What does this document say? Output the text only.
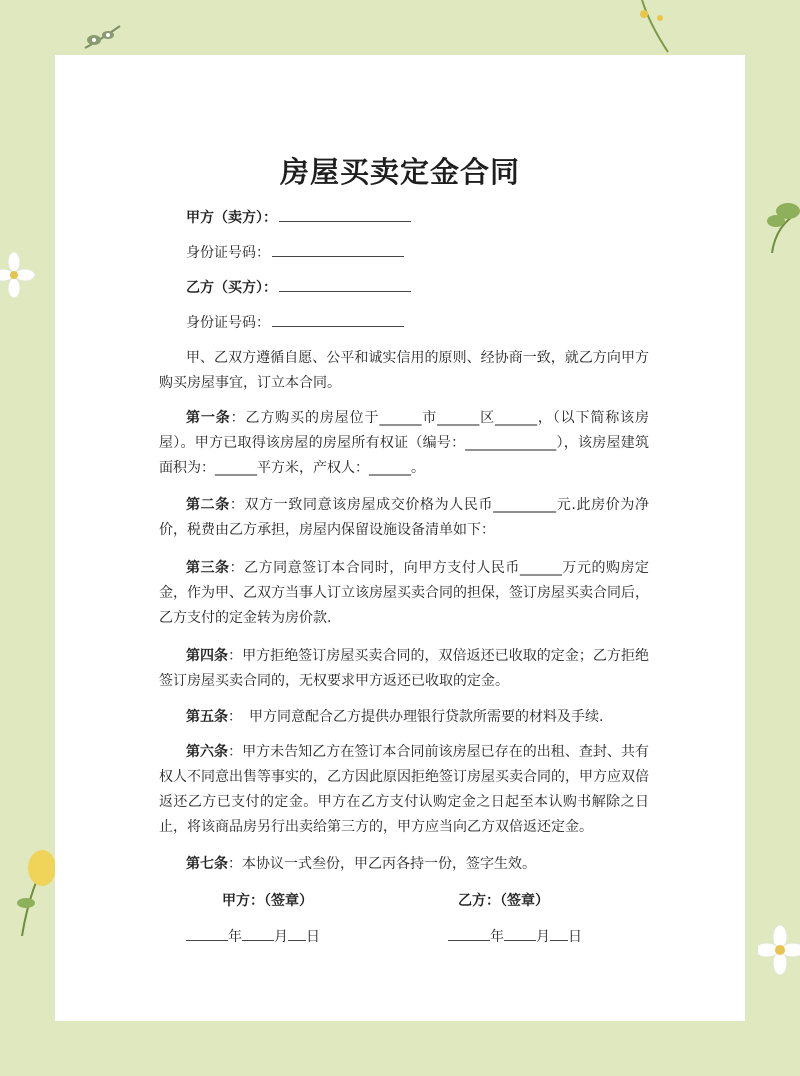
房屋买卖定金合同
甲方（卖方）：
身份证号码：
乙方（买方）：
身份证号码：

甲、乙双方遵循自愿、公平和诚实信用的原则、经协商一致，就乙方向甲方购买房屋事宜，订立本合同。

第一条：乙方购买的房屋位于______市______区______，（以下简称该房屋）。甲方已取得该房屋的房屋所有权证（编号：_____________），该房屋建筑面积为：______平方米，产权人：______。

第二条：双方一致同意该房屋成交价格为人民币_________元.此房价为净价，税费由乙方承担，房屋内保留设施设备清单如下：

第三条：乙方同意签订本合同时，向甲方支付人民币______万元的购房定金，作为甲、乙双方当事人订立该房屋买卖合同的担保，签订房屋买卖合同后，乙方支付的定金转为房价款.

第四条：甲方拒绝签订房屋买卖合同的，双倍返还已收取的定金；乙方拒绝签订房屋买卖合同的，无权要求甲方返还已收取的定金。

第五条：　甲方同意配合乙方提供办理银行贷款所需要的材料及手续.

第六条：甲方未告知乙方在签订本合同前该房屋已存在的出租、查封、共有权人不同意出售等事实的，乙方因此原因拒绝签订房屋买卖合同的，甲方应双倍返还乙方已支付的定金。甲方在乙方支付认购定金之日起至本认购书解除之日止，将该商品房另行出卖给第三方的，甲方应当向乙方双倍返还定金。

第七条：本协议一式叁份，甲乙丙各持一份，签字生效。

甲方：（签章）	乙方：（签章）
年 月 日	年 月 日
